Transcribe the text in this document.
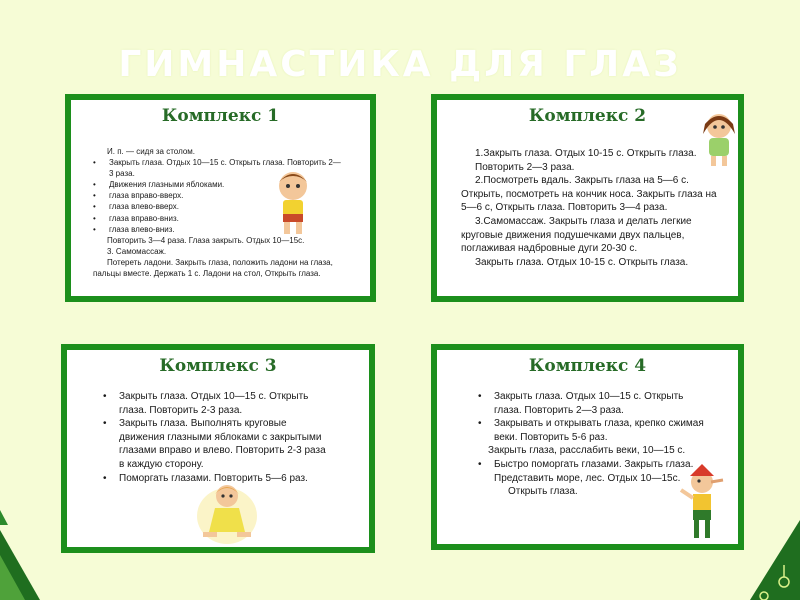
ГИМНАСТИКА ДЛЯ ГЛАЗ
Комплекс 1

И. п. — сидя за столом.

• Закрыть глаза. Отдых 10—15 с. Открыть глаза. Повторить 2—3 раза.

• Движения глазными яблоками.

• глаза вправо-вверх.

• глаза влево-вверх.

• глаза вправо-вниз.

• глаза влево-вниз.

Повторить 3—4 раза. Глаза закрыть. Отдых 10—15с.

3. Самомассаж.

Потереть ладони. Закрыть глаза, положить ладони на глаза, пальцы вместе. Держать 1 с. Ладони на стол, Открыть глаза.

Комплекс 2

1.Закрыть глаза. Отдых 10-15 с. Открыть глаза. Повторить 2—3 раза.

2.Посмотреть вдаль. Закрыть глаза на 5—6 с. Открыть, посмотреть на кончик носа. Закрыть глаза на 5—6 с, Открыть глаза. Повторить 3—4 раза.

3.Самомассаж. Закрыть глаза и делать легкие круговые движения подушечками двух пальцев, поглаживая надбровные дуги 20-30 с.

Закрыть глаза. Отдых 10-15 с. Открыть глаза.

Комплекс 3

• Закрыть глаза. Отдых 10—15 с. Открыть глаза. Повторить 2-3 раза.

• Закрыть глаза. Выполнять круговые движения глазными яблоками с закрытыми глазами вправо и влево. Повторить 2-3 раза в каждую сторону.

• Поморгать глазами. Повторить 5—6 раз.

Комплекс 4

• Закрыть глаза. Отдых 10—15 с. Открыть глаза. Повторить 2—3 раза.

• Закрывать и открывать глаза, крепко сжимая веки. Повторить 5-6 раз.

Закрыть глаза, расслабить веки, 10—15 с.

• Быстро поморгать глазами. Закрыть глаза. Представить море, лес. Отдых 10—15с.

Открыть глаза.
